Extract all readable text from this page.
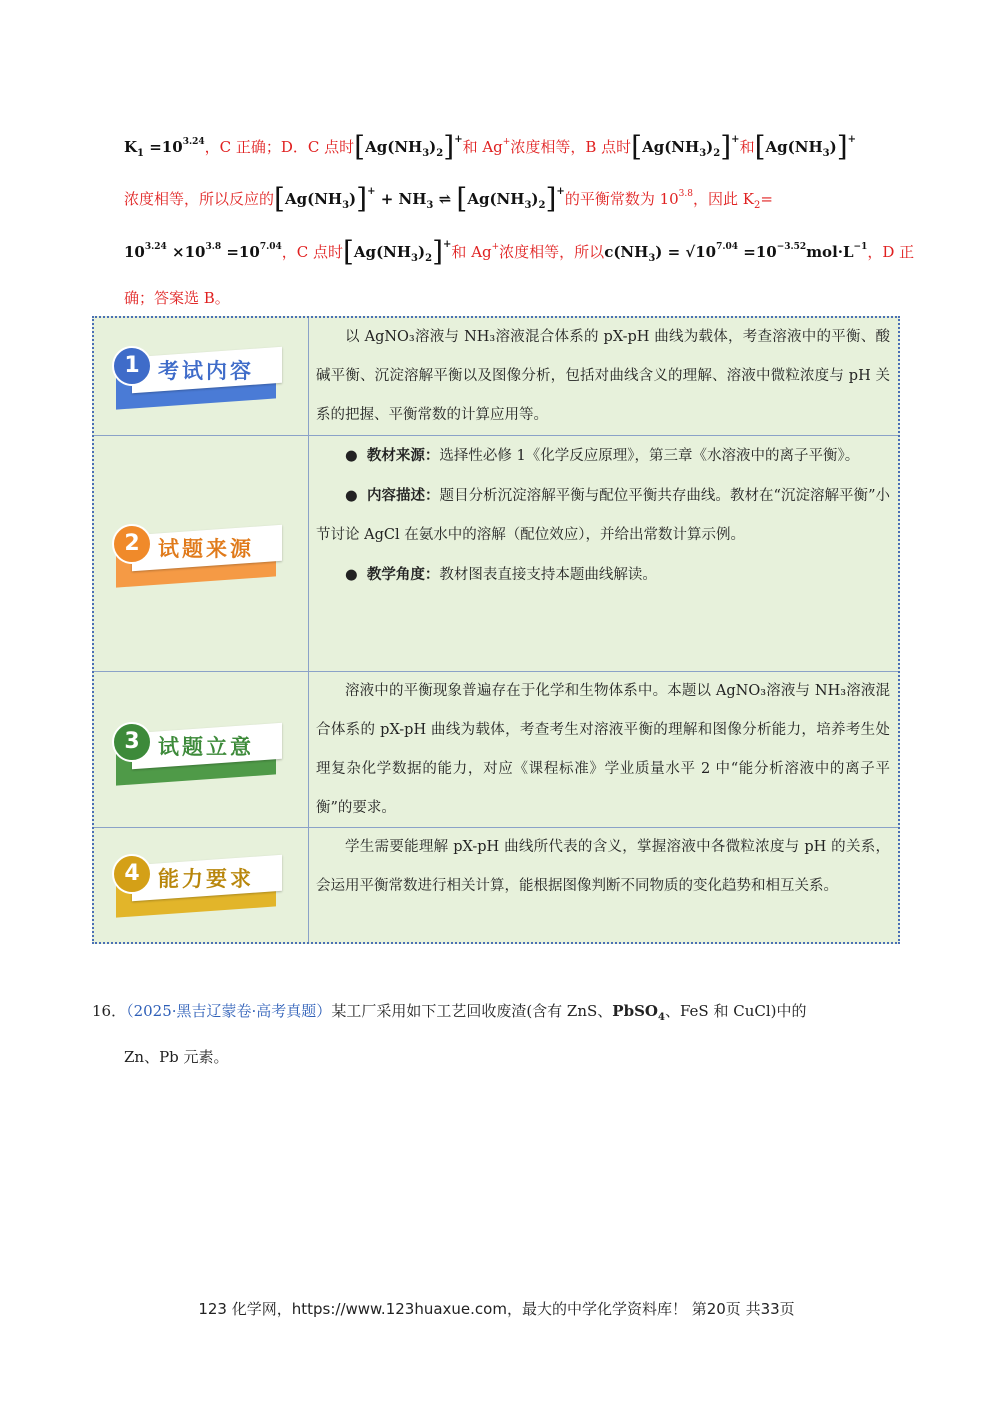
$K_1 =10^{3.24}$，C 正确；D．C 点时$[Ag(NH_3)_2]^+$和 Ag+浓度相等，B 点时$[Ag(NH_3)_2]^+$和$[Ag(NH_3)]^+$
浓度相等，所以反应的$[Ag(NH_3)]^+ + NH_3$ ⇌ $[Ag(NH_3)_2]^+$的平衡常数为 $10^{3.8}$，因此 $K_2=$
$10^{3.24} \times 10^{3.8} =10^{7.04}$，C 点时$[Ag(NH_3)_2]^+$和 Ag+浓度相等，所以$c(NH_3) = √10^{7.04} =10^{-3.52}mol\cdot L^{-1}$，D 正
确；答案选 B。
1 考试内容

以 AgNO₃溶液与 NH₃溶液混合体系的 pX-pH 曲线为载体，考查溶液中的平衡、酸碱平衡、沉淀溶解平衡以及图像分析，包括对曲线含义的理解、溶液中微粒浓度与 pH 关系的把握、平衡常数的计算应用等。

2 试题来源

●  教材来源：选择性必修 1《化学反应原理》，第三章《水溶液中的离子平衡》。

●  内容描述：题目分析沉淀溶解平衡与配位平衡共存曲线。教材在“沉淀溶解平衡”小节讨论 AgCl 在氨水中的溶解（配位效应），并给出常数计算示例。

●  教学角度：教材图表直接支持本题曲线解读。

3 试题立意

溶液中的平衡现象普遍存在于化学和生物体系中。本题以 AgNO₃溶液与 NH₃溶液混合体系的 pX-pH 曲线为载体，考查考生对溶液平衡的理解和图像分析能力，培养考生处理复杂化学数据的能力，对应《课程标准》学业质量水平 2 中“能分析溶液中的离子平衡”的要求。

4 能力要求

学生需要能理解 pX-pH 曲线所代表的含义，掌握溶液中各微粒浓度与 pH 的关系，会运用平衡常数进行相关计算，能根据图像判断不同物质的变化趋势和相互关系。

16．（2025·黑吉辽蒙卷·高考真题）某工厂采用如下工艺回收废渣(含有 ZnS、PbSO$_4$、FeS 和 CuCl)中的
Zn、Pb 元素。
123 化学网，https://www.123huaxue.com，最大的中学化学资料库！ 第20页 共33页
